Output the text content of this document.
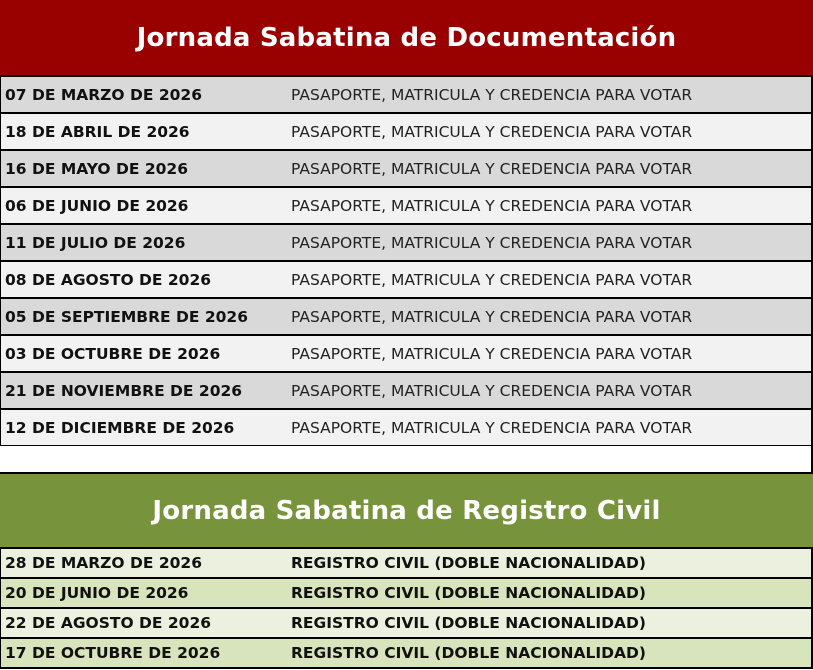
Jornada Sabatina de Documentación
07 DE MARZO DE 2026	PASAPORTE, MATRICULA Y CREDENCIA PARA VOTAR
18 DE ABRIL DE 2026	PASAPORTE, MATRICULA Y CREDENCIA PARA VOTAR
16 DE MAYO DE 2026	PASAPORTE, MATRICULA Y CREDENCIA PARA VOTAR
06 DE JUNIO DE 2026	PASAPORTE, MATRICULA Y CREDENCIA PARA VOTAR
11 DE JULIO DE 2026	PASAPORTE, MATRICULA Y CREDENCIA PARA VOTAR
08 DE AGOSTO DE 2026	PASAPORTE, MATRICULA Y CREDENCIA PARA VOTAR
05 DE SEPTIEMBRE DE 2026	PASAPORTE, MATRICULA Y CREDENCIA PARA VOTAR
03 DE OCTUBRE DE 2026	PASAPORTE, MATRICULA Y CREDENCIA PARA VOTAR
21 DE NOVIEMBRE DE 2026	PASAPORTE, MATRICULA Y CREDENCIA PARA VOTAR
12 DE DICIEMBRE DE 2026	PASAPORTE, MATRICULA Y CREDENCIA PARA VOTAR
Jornada Sabatina de Registro Civil
28 DE MARZO DE 2026	REGISTRO CIVIL (DOBLE NACIONALIDAD)
20 DE JUNIO DE 2026	REGISTRO CIVIL (DOBLE NACIONALIDAD)
22 DE AGOSTO DE 2026	REGISTRO CIVIL (DOBLE NACIONALIDAD)
17 DE OCTUBRE DE 2026	REGISTRO CIVIL (DOBLE NACIONALIDAD)
